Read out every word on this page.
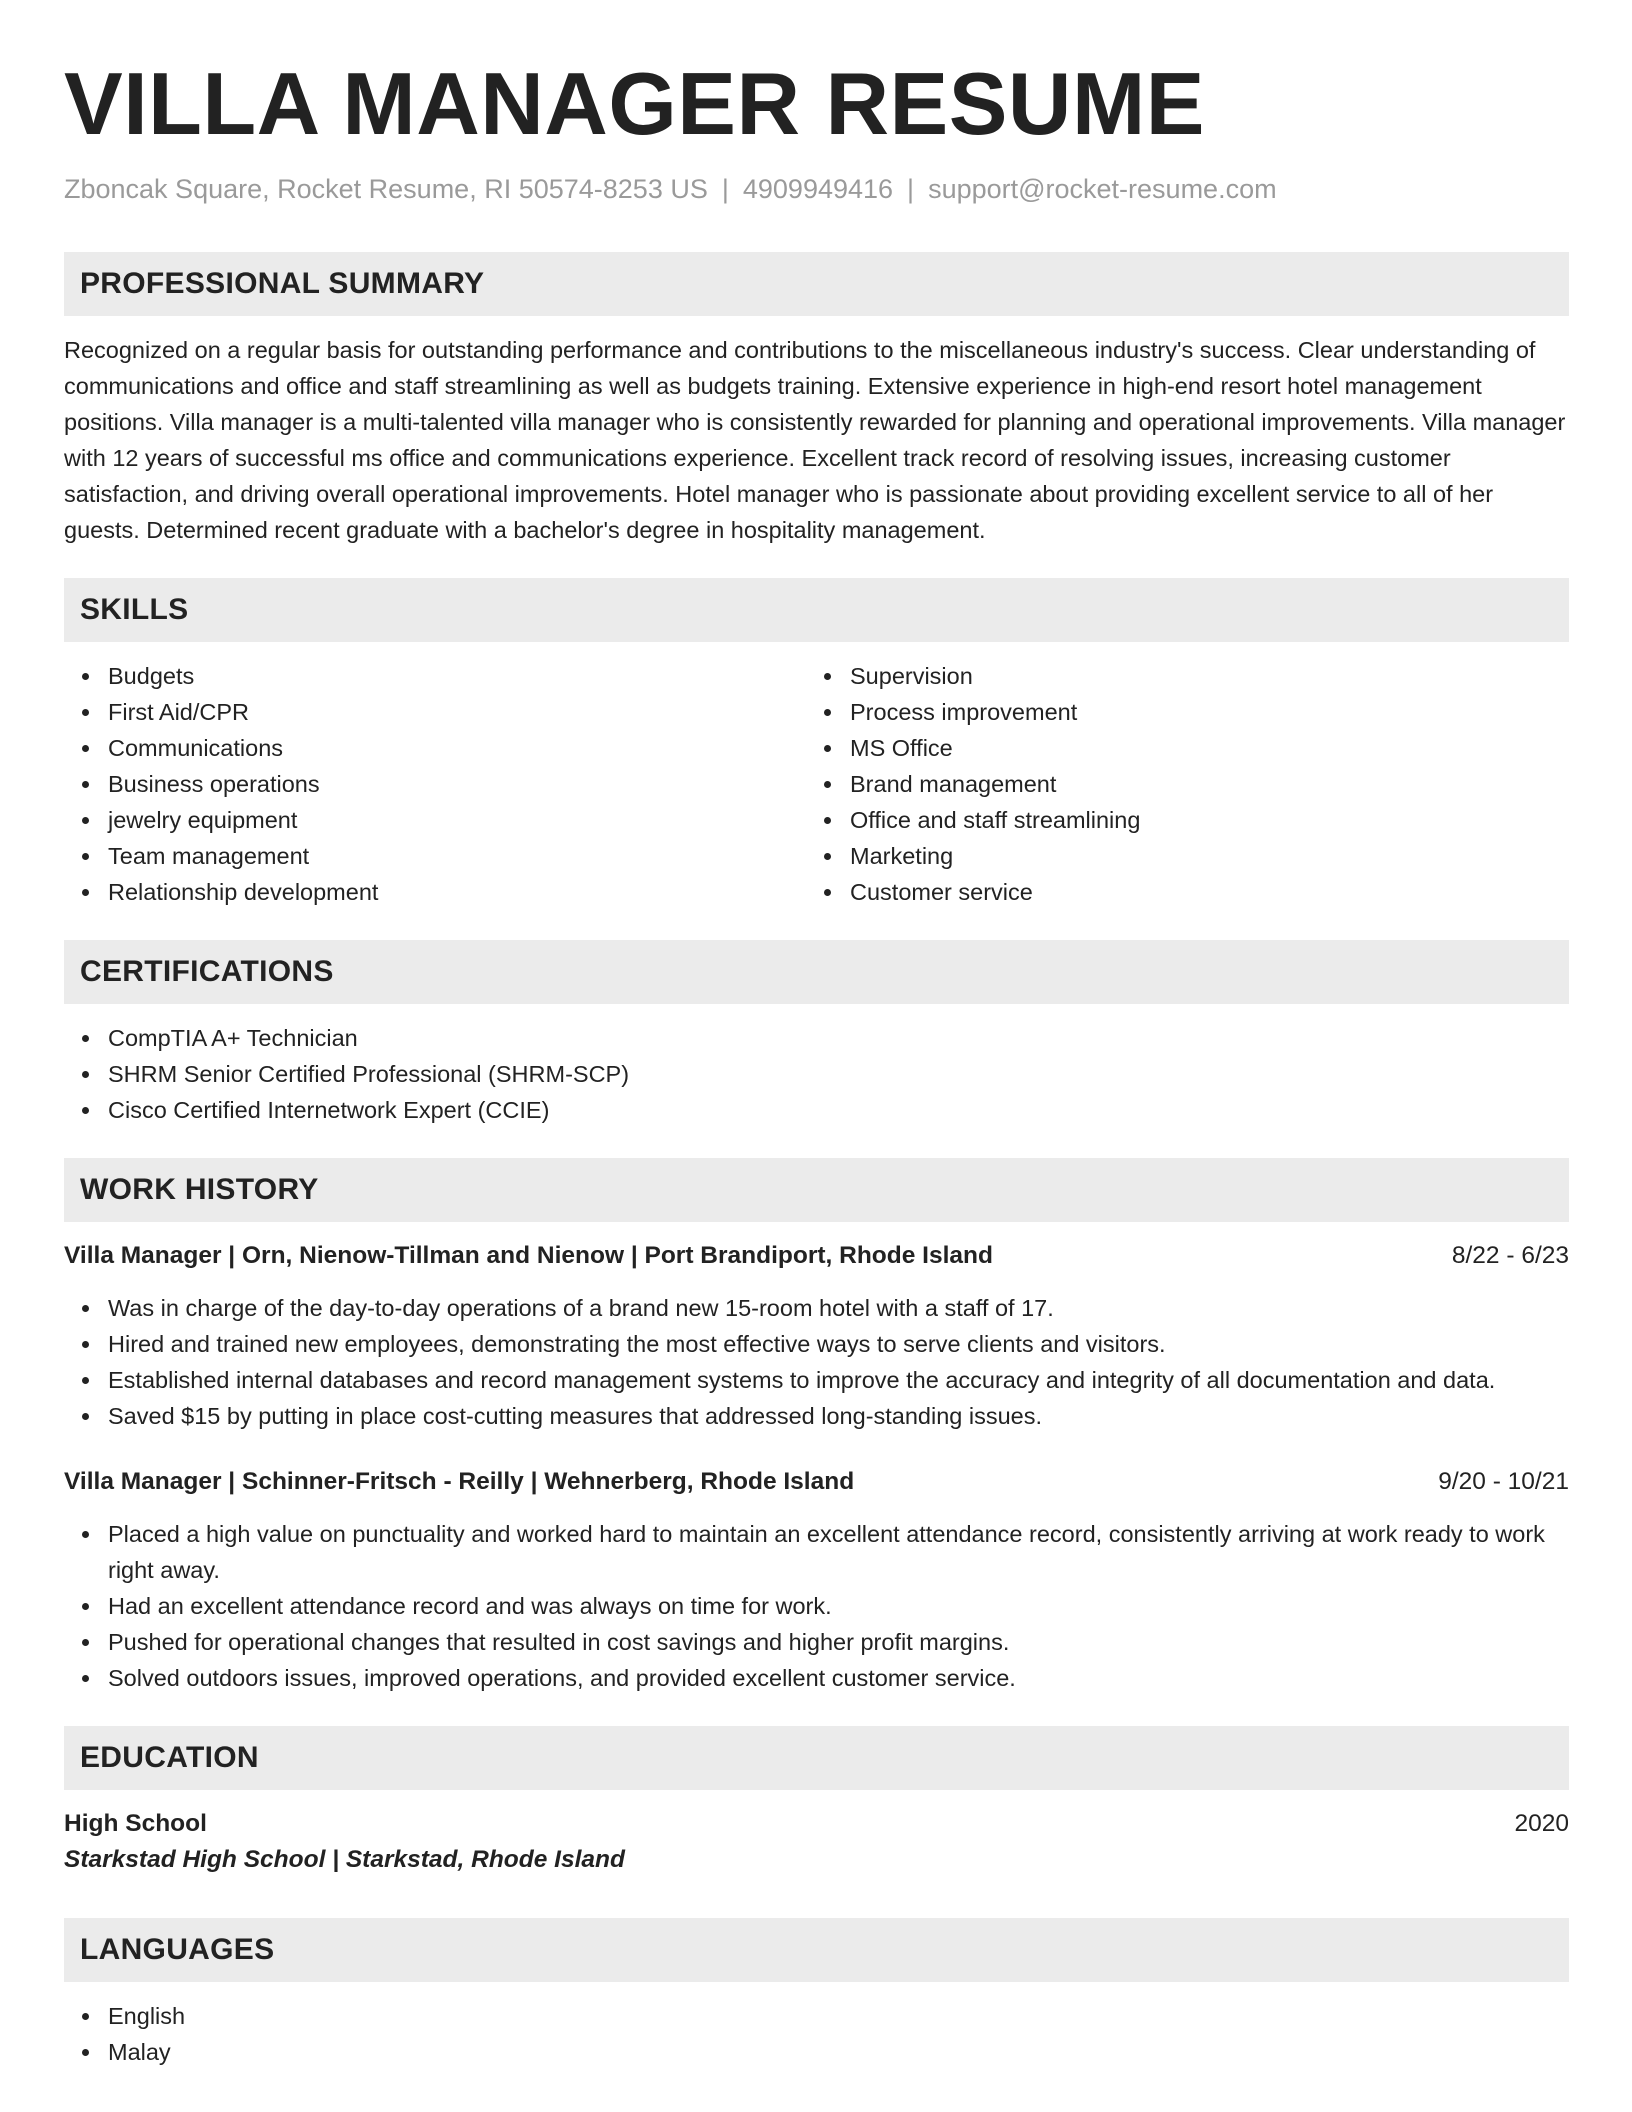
VILLA MANAGER RESUME
Zboncak Square, Rocket Resume, RI 50574-8253 US | 4909949416 | support@rocket-resume.com
PROFESSIONAL SUMMARY
Recognized on a regular basis for outstanding performance and contributions to the miscellaneous industry's success. Clear understanding of communications and office and staff streamlining as well as budgets training. Extensive experience in high-end resort hotel management positions. Villa manager is a multi-talented villa manager who is consistently rewarded for planning and operational improvements. Villa manager with 12 years of successful ms office and communications experience. Excellent track record of resolving issues, increasing customer satisfaction, and driving overall operational improvements. Hotel manager who is passionate about providing excellent service to all of her guests. Determined recent graduate with a bachelor's degree in hospitality management.
SKILLS
Budgets
First Aid/CPR
Communications
Business operations
jewelry equipment
Team management
Relationship development
Supervision
Process improvement
MS Office
Brand management
Office and staff streamlining
Marketing
Customer service
CERTIFICATIONS
CompTIA A+ Technician
SHRM Senior Certified Professional (SHRM-SCP)
Cisco Certified Internetwork Expert (CCIE)
WORK HISTORY
Villa Manager | Orn, Nienow-Tillman and Nienow | Port Brandiport, Rhode Island	8/22 - 6/23
Was in charge of the day-to-day operations of a brand new 15-room hotel with a staff of 17.
Hired and trained new employees, demonstrating the most effective ways to serve clients and visitors.
Established internal databases and record management systems to improve the accuracy and integrity of all documentation and data.
Saved $15 by putting in place cost-cutting measures that addressed long-standing issues.
Villa Manager | Schinner-Fritsch - Reilly | Wehnerberg, Rhode Island	9/20 - 10/21
Placed a high value on punctuality and worked hard to maintain an excellent attendance record, consistently arriving at work ready to work right away.
Had an excellent attendance record and was always on time for work.
Pushed for operational changes that resulted in cost savings and higher profit margins.
Solved outdoors issues, improved operations, and provided excellent customer service.
EDUCATION
High School	2020
Starkstad High School | Starkstad, Rhode Island
LANGUAGES
English
Malay
